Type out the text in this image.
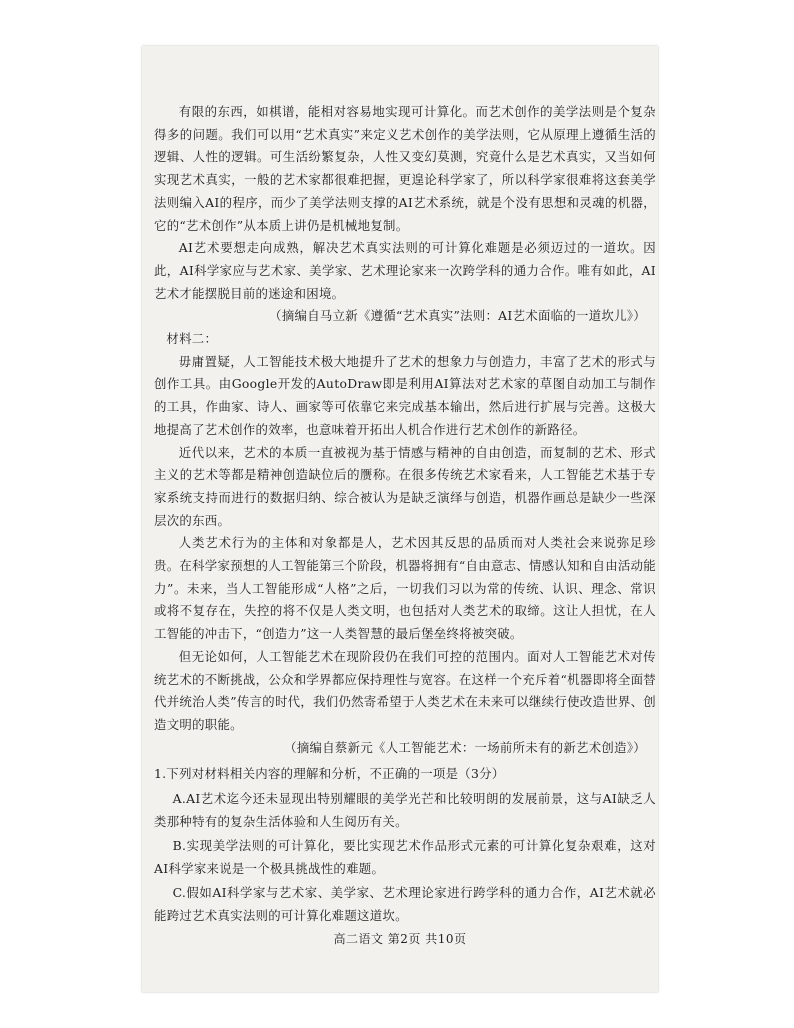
有限的东西，如棋谱，能相对容易地实现可计算化。而艺术创作的美学法则是个复杂得多的问题。我们可以用“艺术真实”来定义艺术创作的美学法则，它从原理上遵循生活的逻辑、人性的逻辑。可生活纷繁复杂，人性又变幻莫测，究竟什么是艺术真实，又当如何实现艺术真实，一般的艺术家都很难把握，更遑论科学家了，所以科学家很难将这套美学法则编入AI的程序，而少了美学法则支撑的AI艺术系统，就是个没有思想和灵魂的机器，它的“艺术创作”从本质上讲仍是机械地复制。

AI艺术要想走向成熟，解决艺术真实法则的可计算化难题是必须迈过的一道坎。因此，AI科学家应与艺术家、美学家、艺术理论家来一次跨学科的通力合作。唯有如此，AI艺术才能摆脱目前的迷途和困境。

（摘编自马立新《遵循“艺术真实”法则：AI艺术面临的一道坎儿》）

材料二：

毋庸置疑，人工智能技术极大地提升了艺术的想象力与创造力，丰富了艺术的形式与创作工具。由Google开发的AutoDraw即是利用AI算法对艺术家的草图自动加工与制作的工具，作曲家、诗人、画家等可依靠它来完成基本输出，然后进行扩展与完善。这极大地提高了艺术创作的效率，也意味着开拓出人机合作进行艺术创作的新路径。

近代以来，艺术的本质一直被视为基于情感与精神的自由创造，而复制的艺术、形式主义的艺术等都是精神创造缺位后的赝称。在很多传统艺术家看来，人工智能艺术基于专家系统支持而进行的数据归纳、综合被认为是缺乏演绎与创造，机器作画总是缺少一些深层次的东西。

人类艺术行为的主体和对象都是人，艺术因其反思的品质而对人类社会来说弥足珍贵。在科学家预想的人工智能第三个阶段，机器将拥有“自由意志、情感认知和自由活动能力”。未来，当人工智能形成“人格”之后，一切我们习以为常的传统、认识、理念、常识或将不复存在，失控的将不仅是人类文明，也包括对人类艺术的取缔。这让人担忧，在人工智能的冲击下，“创造力”这一人类智慧的最后堡垒终将被突破。

但无论如何，人工智能艺术在现阶段仍在我们可控的范围内。面对人工智能艺术对传统艺术的不断挑战，公众和学界都应保持理性与宽容。在这样一个充斥着“机器即将全面替代并统治人类”传言的时代，我们仍然寄希望于人类艺术在未来可以继续行使改造世界、创造文明的职能。

（摘编自蔡新元《人工智能艺术：一场前所未有的新艺术创造》）

1.下列对材料相关内容的理解和分析，不正确的一项是（3分）

A.AI艺术迄今还未显现出特别耀眼的美学光芒和比较明朗的发展前景，这与AI缺乏人类那种特有的复杂生活体验和人生阅历有关。

B.实现美学法则的可计算化，要比实现艺术作品形式元素的可计算化复杂艰难，这对AI科学家来说是一个极具挑战性的难题。

C.假如AI科学家与艺术家、美学家、艺术理论家进行跨学科的通力合作，AI艺术就必能跨过艺术真实法则的可计算化难题这道坎。

高二语文 第2页 共10页
